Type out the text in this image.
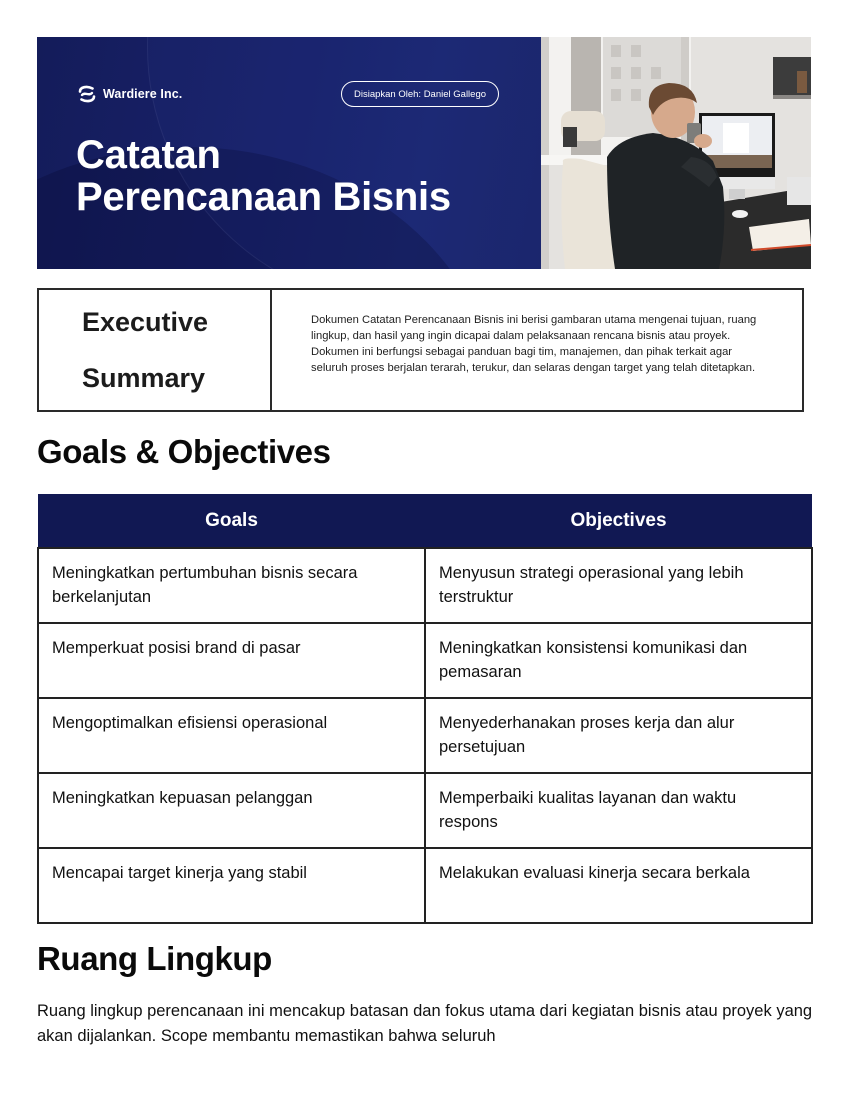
Wardiere Inc.	Disiapkan Oleh: Daniel Gallego
Catatan
Perencanaan Bisnis
Executive

Summary

Dokumen Catatan Perencanaan Bisnis ini berisi gambaran utama mengenai tujuan, ruang lingkup, dan hasil yang ingin dicapai dalam pelaksanaan rencana bisnis atau proyek. Dokumen ini berfungsi sebagai panduan bagi tim, manajemen, dan pihak terkait agar seluruh proses berjalan terarah, terukur, dan selaras dengan target yang telah ditetapkan.

Goals & Objectives
Goals	Objectives
Meningkatkan pertumbuhan bisnis secara berkelanjutan	Menyusun strategi operasional yang lebih terstruktur
Memperkuat posisi brand di pasar	Meningkatkan konsistensi komunikasi dan pemasaran
Mengoptimalkan efisiensi operasional	Menyederhanakan proses kerja dan alur persetujuan
Meningkatkan kepuasan pelanggan	Memperbaiki kualitas layanan dan waktu respons
Mencapai target kinerja yang stabil	Melakukan evaluasi kinerja secara berkala
Ruang Lingkup

Ruang lingkup perencanaan ini mencakup batasan dan fokus utama dari kegiatan bisnis atau proyek yang akan dijalankan. Scope membantu memastikan bahwa seluruh
